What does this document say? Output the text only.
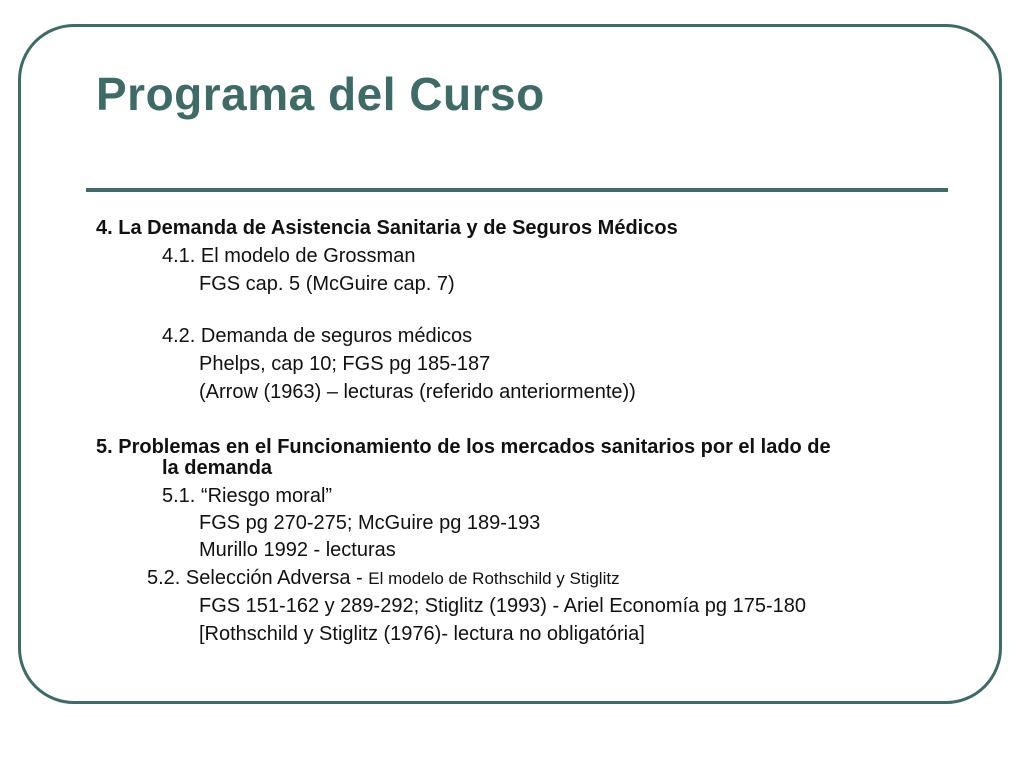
Programa del Curso

4. La Demanda de Asistencia Sanitaria y de Seguros Médicos

4.1. El modelo de Grossman

FGS cap. 5 (McGuire cap. 7)

4.2. Demanda de seguros médicos

Phelps, cap 10; FGS pg 185-187

(Arrow (1963) – lecturas (referido anteriormente))

5. Problemas en el Funcionamiento de los mercados sanitarios por el lado de

la demanda

5.1. “Riesgo moral”

FGS pg 270-275; McGuire pg 189-193

Murillo 1992 - lecturas

5.2. Selección Adversa - El modelo de Rothschild y Stiglitz

FGS 151-162 y 289-292; Stiglitz (1993) - Ariel Economía pg 175-180

[Rothschild y Stiglitz (1976)- lectura no obligatória]
